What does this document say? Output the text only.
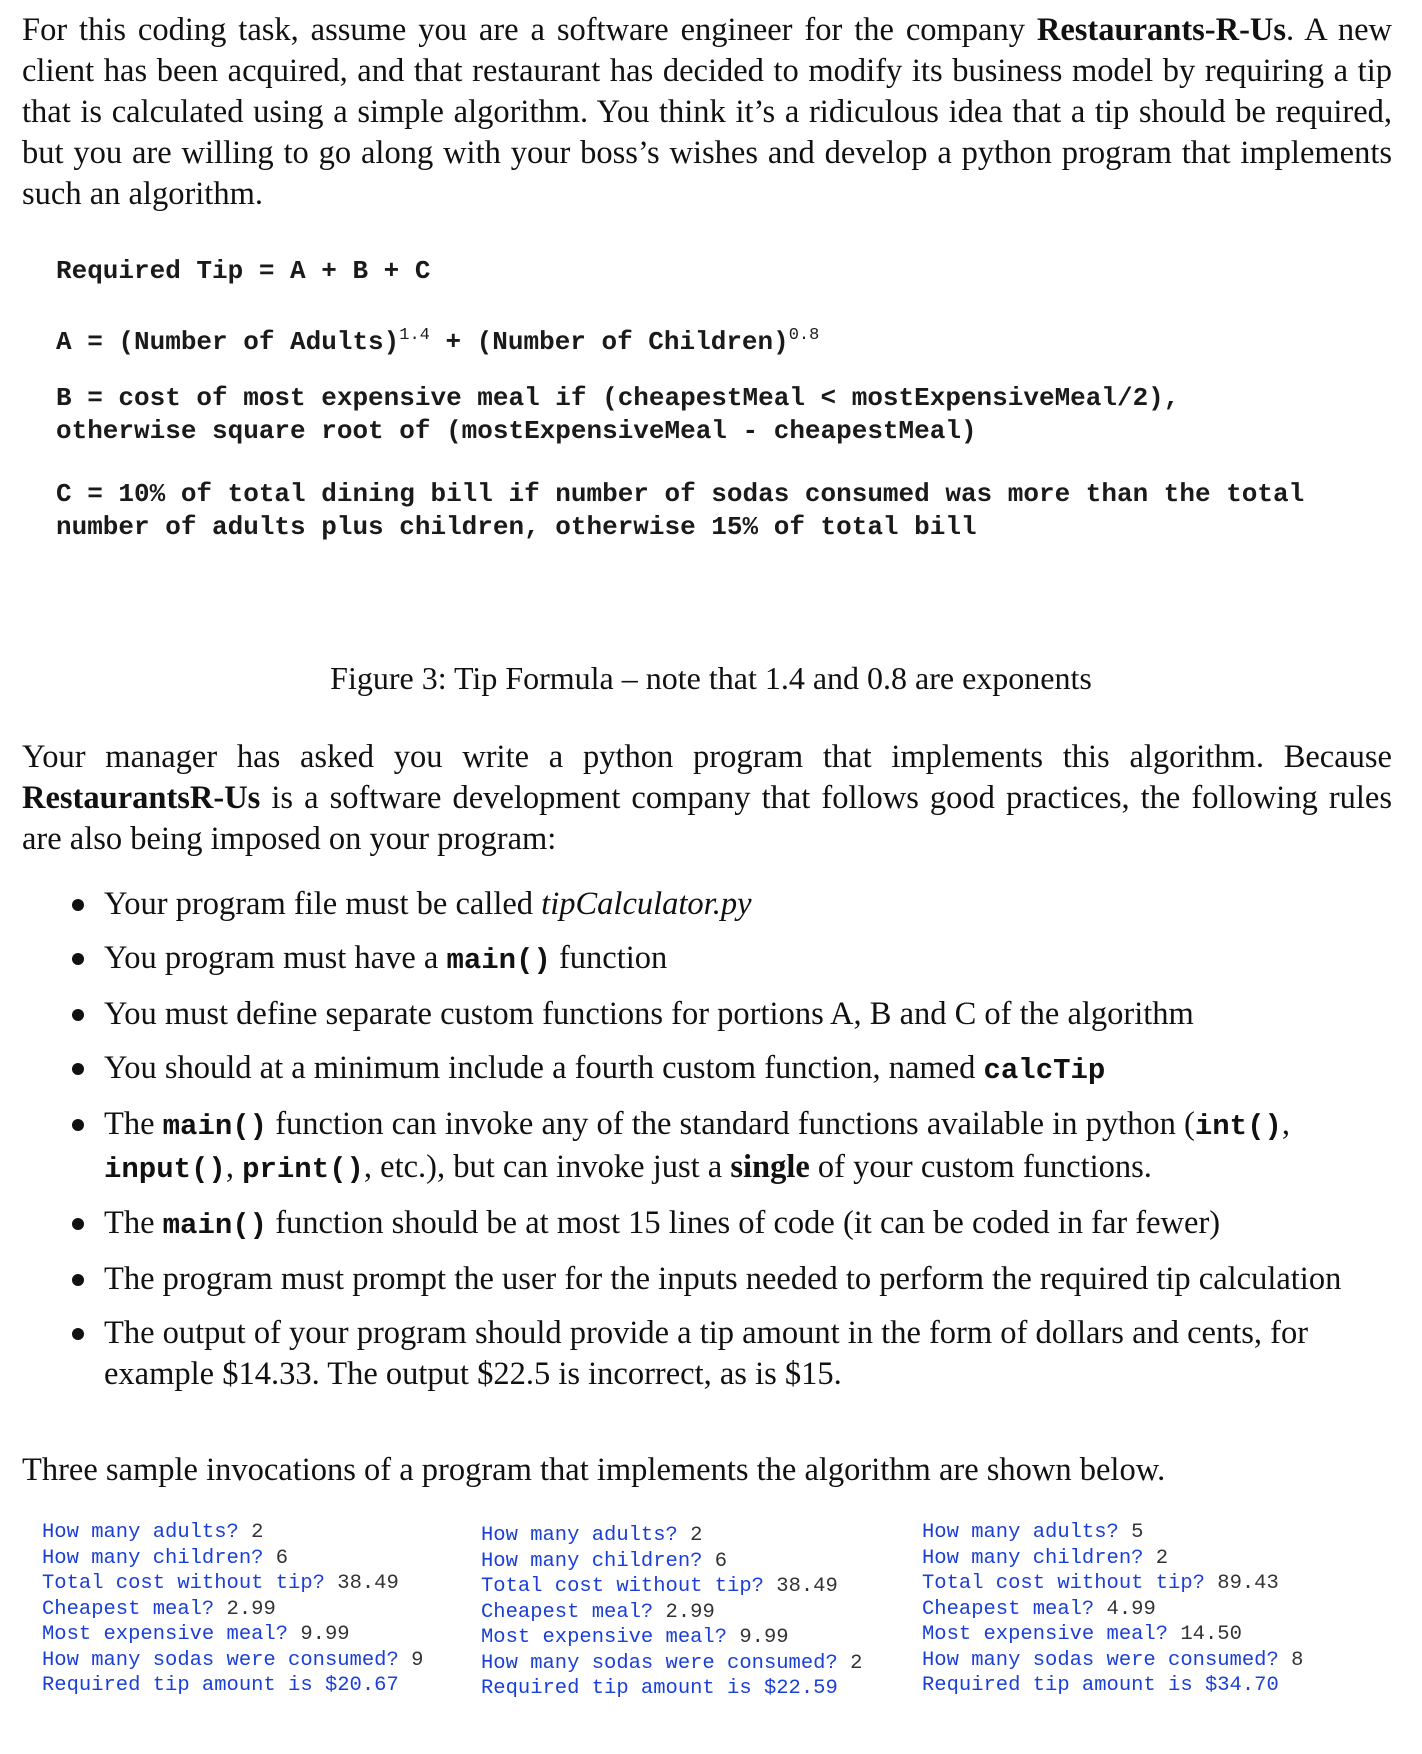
For this coding task, assume you are a software engineer for the company Restaurants-R-Us. A new client has been acquired, and that restaurant has decided to modify its business model by requiring a tip that is calculated using a simple algorithm. You think it’s a ridiculous idea that a tip should be required, but you are willing to go along with your boss’s wishes and develop a python program that implements such an algorithm.

Required Tip = A + B + C
A = (Number of Adults)$^{1.4}$ + (Number of Children)$^{0.8}$
B = cost of most expensive meal if (cheapestMeal < mostExpensiveMeal/2),
otherwise square root of (mostExpensiveMeal - cheapestMeal)
C = 10% of total dining bill if number of sodas consumed was more than the total
number of adults plus children, otherwise 15% of total bill

Figure 3: Tip Formula – note that 1.4 and 0.8 are exponents

Your manager has asked you write a python program that implements this algorithm. Because RestaurantsR-Us is a software development company that follows good practices, the following rules are also being imposed on your program:

Your program file must be called tipCalculator.py
You program must have a main() function
You must define separate custom functions for portions A, B and C of the algorithm
You should at a minimum include a fourth custom function, named calcTip
The main() function can invoke any of the standard functions available in python (int(), input(), print(), etc.), but can invoke just a single of your custom functions.
The main() function should be at most 15 lines of code (it can be coded in far fewer)
The program must prompt the user for the inputs needed to perform the required tip calculation
The output of your program should provide a tip amount in the form of dollars and cents, for example $14.33. The output $22.5 is incorrect, as is $15.

Three sample invocations of a program that implements the algorithm are shown below.

How many adults? 2
How many children? 6
Total cost without tip? 38.49
Cheapest meal? 2.99
Most expensive meal? 9.99
How many sodas were consumed? 9
Required tip amount is $20.67
How many adults? 2
How many children? 6
Total cost without tip? 38.49
Cheapest meal? 2.99
Most expensive meal? 9.99
How many sodas were consumed? 2
Required tip amount is $22.59
How many adults? 5
How many children? 2
Total cost without tip? 89.43
Cheapest meal? 4.99
Most expensive meal? 14.50
How many sodas were consumed? 8
Required tip amount is $34.70
